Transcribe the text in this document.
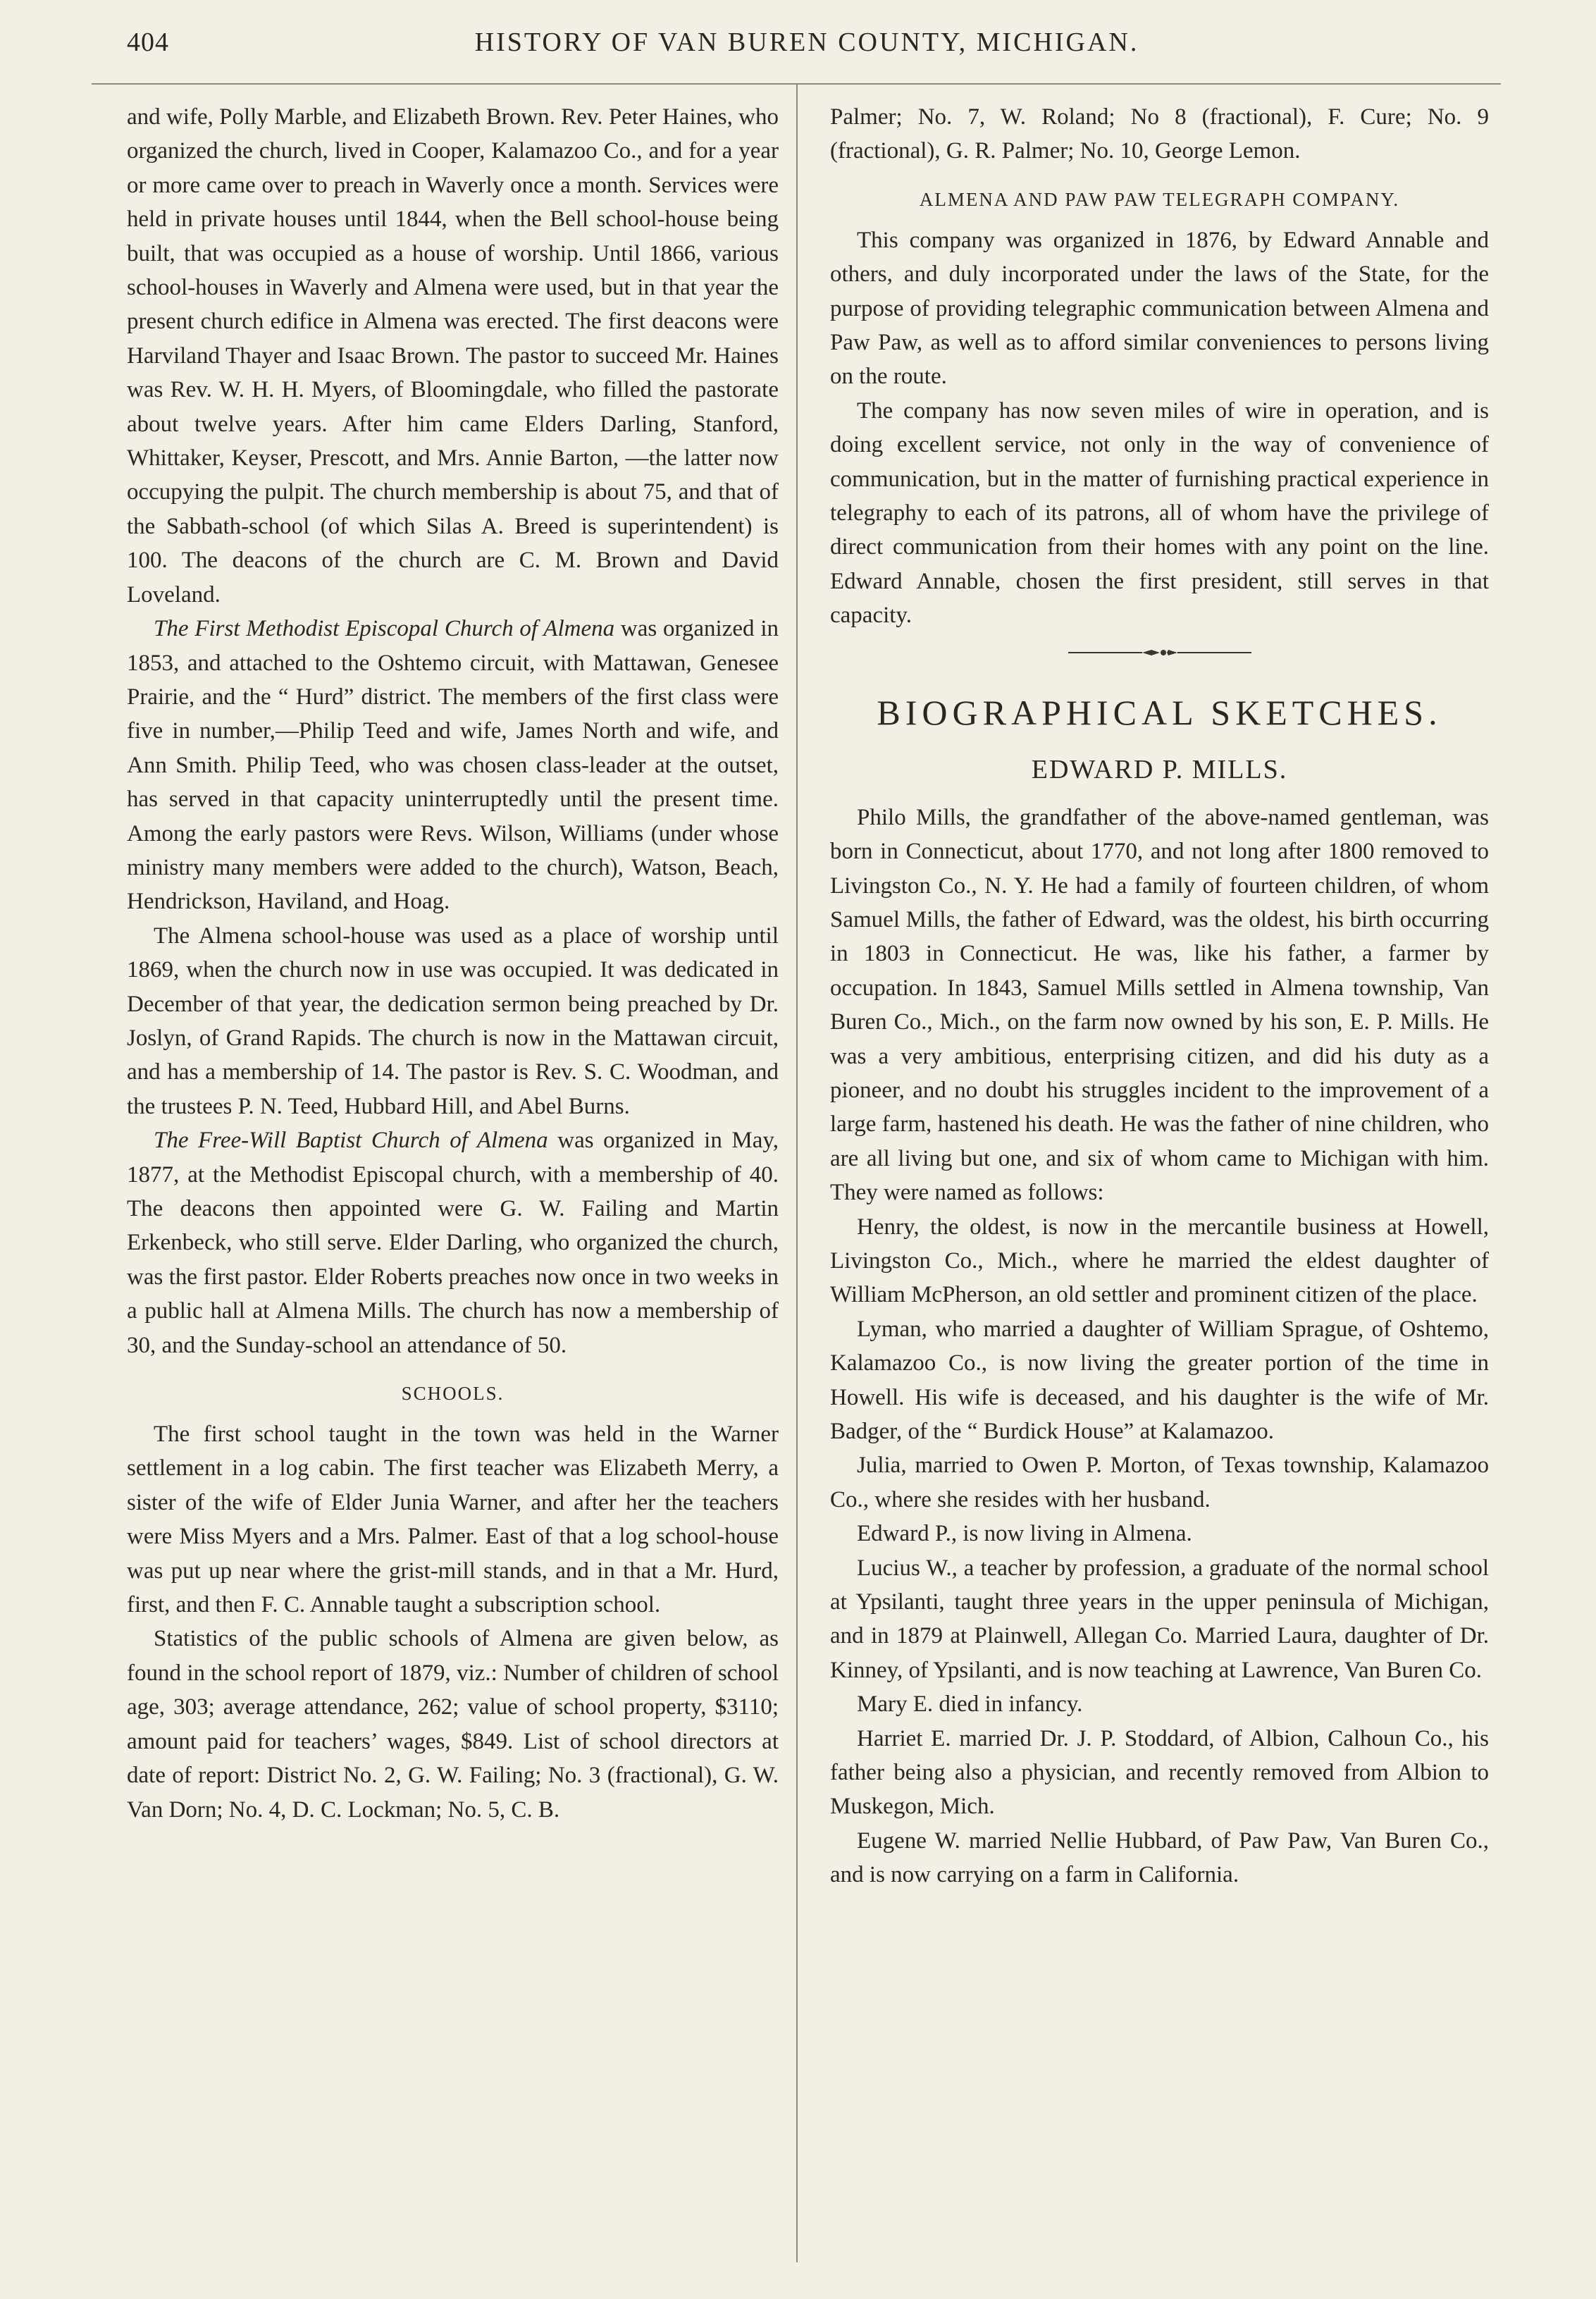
404	HISTORY OF VAN BUREN COUNTY, MICHIGAN.

and wife, Polly Marble, and Elizabeth Brown. Rev. Peter Haines, who organized the church, lived in Cooper, Kalamazoo Co., and for a year or more came over to preach in Waverly once a month. Services were held in private houses until 1844, when the Bell school-house being built, that was occupied as a house of worship. Until 1866, various school-houses in Waverly and Almena were used, but in that year the present church edifice in Almena was erected. The first deacons were Harviland Thayer and Isaac Brown. The pastor to succeed Mr. Haines was Rev. W. H. H. Myers, of Bloomingdale, who filled the pastorate about twelve years. After him came Elders Darling, Stanford, Whittaker, Keyser, Prescott, and Mrs. Annie Barton, —the latter now occupying the pulpit. The church membership is about 75, and that of the Sabbath-school (of which Silas A. Breed is superintendent) is 100. The deacons of the church are C. M. Brown and David Loveland.

The First Methodist Episcopal Church of Almena was organized in 1853, and attached to the Oshtemo circuit, with Mattawan, Genesee Prairie, and the “ Hurd” district. The members of the first class were five in number,—Philip Teed and wife, James North and wife, and Ann Smith. Philip Teed, who was chosen class-leader at the outset, has served in that capacity uninterruptedly until the present time. Among the early pastors were Revs. Wilson, Williams (under whose ministry many members were added to the church), Watson, Beach, Hendrickson, Haviland, and Hoag.

The Almena school-house was used as a place of worship until 1869, when the church now in use was occupied. It was dedicated in December of that year, the dedication sermon being preached by Dr. Joslyn, of Grand Rapids. The church is now in the Mattawan circuit, and has a membership of 14. The pastor is Rev. S. C. Woodman, and the trustees P. N. Teed, Hubbard Hill, and Abel Burns.

The Free-Will Baptist Church of Almena was organized in May, 1877, at the Methodist Episcopal church, with a membership of 40. The deacons then appointed were G. W. Failing and Martin Erkenbeck, who still serve. Elder Darling, who organized the church, was the first pastor. Elder Roberts preaches now once in two weeks in a public hall at Almena Mills. The church has now a membership of 30, and the Sunday-school an attendance of 50.

SCHOOLS.

The first school taught in the town was held in the Warner settlement in a log cabin. The first teacher was Elizabeth Merry, a sister of the wife of Elder Junia Warner, and after her the teachers were Miss Myers and a Mrs. Palmer. East of that a log school-house was put up near where the grist-mill stands, and in that a Mr. Hurd, first, and then F. C. Annable taught a subscription school.

Statistics of the public schools of Almena are given below, as found in the school report of 1879, viz.: Number of children of school age, 303; average attendance, 262; value of school property, $3110; amount paid for teachers’ wages, $849. List of school directors at date of report: District No. 2, G. W. Failing; No. 3 (fractional), G. W. Van Dorn; No. 4, D. C. Lockman; No. 5, C. B.

Palmer; No. 7, W. Roland; No 8 (fractional), F. Cure; No. 9 (fractional), G. R. Palmer; No. 10, George Lemon.

ALMENA AND PAW PAW TELEGRAPH COMPANY.

This company was organized in 1876, by Edward Annable and others, and duly incorporated under the laws of the State, for the purpose of providing telegraphic communication between Almena and Paw Paw, as well as to afford similar conveniences to persons living on the route.

The company has now seven miles of wire in operation, and is doing excellent service, not only in the way of convenience of communication, but in the matter of furnishing practical experience in telegraphy to each of its patrons, all of whom have the privilege of direct communication from their homes with any point on the line. Edward Annable, chosen the first president, still serves in that capacity.

BIOGRAPHICAL SKETCHES.
EDWARD P. MILLS.

Philo Mills, the grandfather of the above-named gentleman, was born in Connecticut, about 1770, and not long after 1800 removed to Livingston Co., N. Y. He had a family of fourteen children, of whom Samuel Mills, the father of Edward, was the oldest, his birth occurring in 1803 in Connecticut. He was, like his father, a farmer by occupation. In 1843, Samuel Mills settled in Almena township, Van Buren Co., Mich., on the farm now owned by his son, E. P. Mills. He was a very ambitious, enterprising citizen, and did his duty as a pioneer, and no doubt his struggles incident to the improvement of a large farm, hastened his death. He was the father of nine children, who are all living but one, and six of whom came to Michigan with him. They were named as follows:

Henry, the oldest, is now in the mercantile business at Howell, Livingston Co., Mich., where he married the eldest daughter of William McPherson, an old settler and prominent citizen of the place.

Lyman, who married a daughter of William Sprague, of Oshtemo, Kalamazoo Co., is now living the greater portion of the time in Howell. His wife is deceased, and his daughter is the wife of Mr. Badger, of the “ Burdick House” at Kalamazoo.

Julia, married to Owen P. Morton, of Texas township, Kalamazoo Co., where she resides with her husband.

Edward P., is now living in Almena.

Lucius W., a teacher by profession, a graduate of the normal school at Ypsilanti, taught three years in the upper peninsula of Michigan, and in 1879 at Plainwell, Allegan Co. Married Laura, daughter of Dr. Kinney, of Ypsilanti, and is now teaching at Lawrence, Van Buren Co.

Mary E. died in infancy.

Harriet E. married Dr. J. P. Stoddard, of Albion, Calhoun Co., his father being also a physician, and recently removed from Albion to Muskegon, Mich.

Eugene W. married Nellie Hubbard, of Paw Paw, Van Buren Co., and is now carrying on a farm in California.
